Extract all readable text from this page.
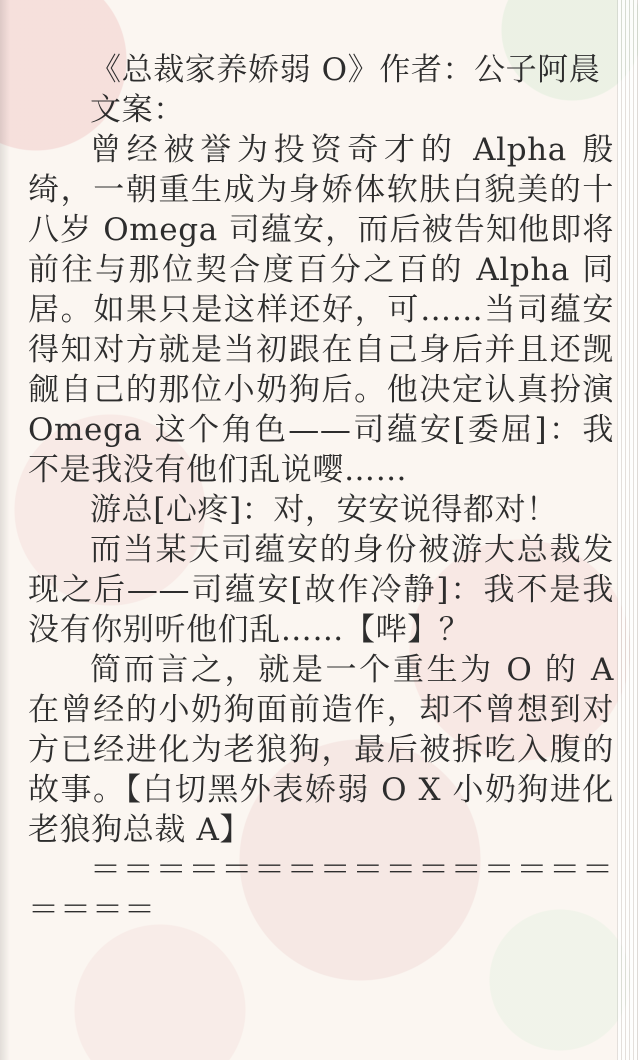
《总裁家养娇弱 O》作者：公子阿晨

文案：

曾经被誉为投资奇才的 Alpha 殷绮，一朝重生成为身娇体软肤白貌美的十八岁 Omega 司蕴安，而后被告知他即将前往与那位契合度百分之百的 Alpha 同居。如果只是这样还好，可……当司蕴安得知对方就是当初跟在自己身后并且还觊觎自己的那位小奶狗后。他决定认真扮演 Omega 这个角色——司蕴安[委屈]：我不是我没有他们乱说嘤……

游总[心疼]：对，安安说得都对！

而当某天司蕴安的身份被游大总裁发现之后——司蕴安[故作冷静]：我不是我没有你别听他们乱……【哔】？

简而言之，就是一个重生为 O 的 A 在曾经的小奶狗面前造作，却不曾想到对方已经进化为老狼狗，最后被拆吃入腹的故事。【白切黑外表娇弱 O X 小奶狗进化老狼狗总裁 A】

＝＝＝＝＝＝＝＝＝＝＝＝＝＝＝＝＝＝＝＝
